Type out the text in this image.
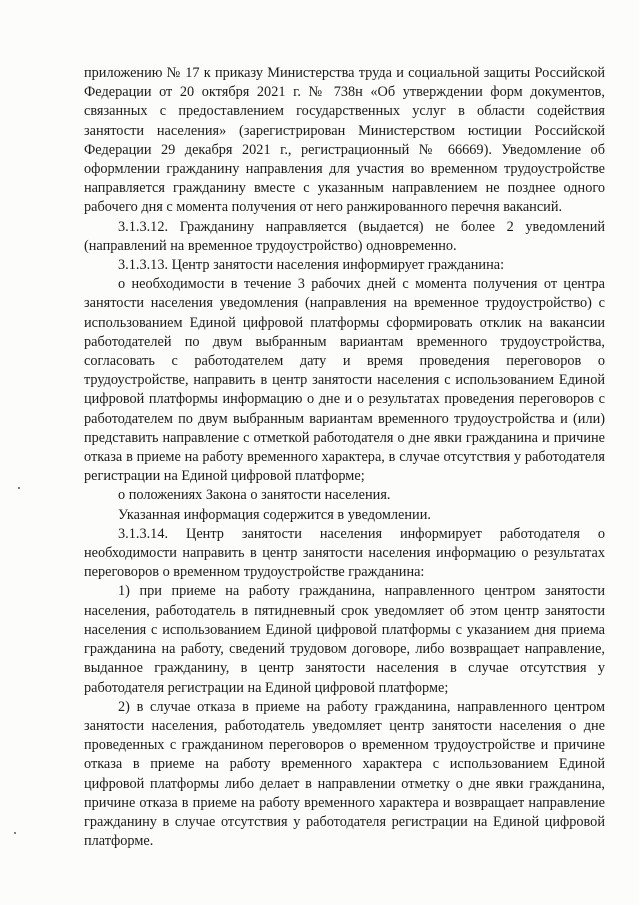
приложению № 17 к приказу Министерства труда и социальной защиты Российской Федерации от 20 октября 2021 г. № 738н «Об утверждении форм документов, связанных с предоставлением государственных услуг в области содействия занятости населения» (зарегистрирован Министерством юстиции Российской Федерации 29 декабря 2021 г., регистрационный № 66669). Уведомление об оформлении гражданину направления для участия во временном трудоустройстве направляется гражданину вместе с указанным направлением не позднее одного рабочего дня с момента получения от него ранжированного перечня вакансий.

3.1.3.12. Гражданину направляется (выдается) не более 2 уведомлений (направлений на временное трудоустройство) одновременно.

3.1.3.13. Центр занятости населения информирует гражданина:

о необходимости в течение 3 рабочих дней с момента получения от центра занятости населения уведомления (направления на временное трудоустройство) с использованием Единой цифровой платформы сформировать отклик на вакансии работодателей по двум выбранным вариантам временного трудоустройства, согласовать с работодателем дату и время проведения переговоров о трудоустройстве, направить в центр занятости населения с использованием Единой цифровой платформы информацию о дне и о результатах проведения переговоров с работодателем по двум выбранным вариантам временного трудоустройства и (или) представить направление с отметкой работодателя о дне явки гражданина и причине отказа в приеме на работу временного характера, в случае отсутствия у работодателя регистрации на Единой цифровой платформе;

о положениях Закона о занятости населения.

Указанная информация содержится в уведомлении.

3.1.3.14. Центр занятости населения информирует работодателя о необходимости направить в центр занятости населения информацию о результатах переговоров о временном трудоустройстве гражданина:

1) при приеме на работу гражданина, направленного центром занятости населения, работодатель в пятидневный срок уведомляет об этом центр занятости населения с использованием Единой цифровой платформы с указанием дня приема гражданина на работу, сведений трудовом договоре, либо возвращает направление, выданное гражданину, в центр занятости населения в случае отсутствия у работодателя регистрации на Единой цифровой платформе;

2) в случае отказа в приеме на работу гражданина, направленного центром занятости населения, работодатель уведомляет центр занятости населения о дне проведенных с гражданином переговоров о временном трудоустройстве и причине отказа в приеме на работу временного характера с использованием Единой цифровой платформы либо делает в направлении отметку о дне явки гражданина, причине отказа в приеме на работу временного характера и возвращает направление гражданину в случае отсутствия у работодателя регистрации на Единой цифровой платформе.
